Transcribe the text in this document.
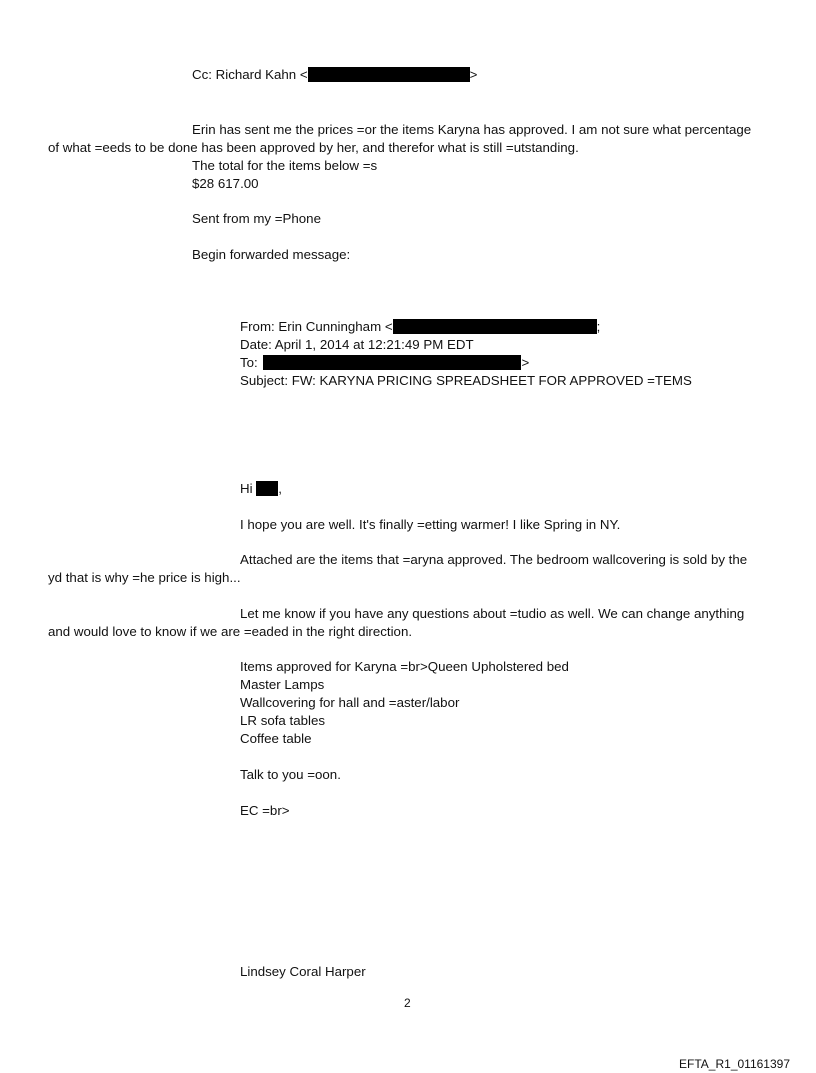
Cc: Richard Kahn <	>
Erin has sent me the prices =or the items Karyna has approved. I am not sure what percentage
of what =eeds to be done has been approved by her, and therefor what is still =utstanding.
The total for the items below =s
$28 617.00
Sent from my =Phone
Begin forwarded message:
From: Erin Cunningham <	;
Date: April 1, 2014 at 12:21:49 PM EDT
To:	>
Subject: FW: KARYNA PRICING SPREADSHEET FOR APPROVED =TEMS
Hi ,
I hope you are well. It's finally =etting warmer! I like Spring in NY.
Attached are the items that =aryna approved. The bedroom wallcovering is sold by the
yd that is why =he price is high...
Let me know if you have any questions about =tudio as well. We can change anything
and would love to know if we are =eaded in the right direction.
Items approved for Karyna =br>Queen Upholstered bed
Master Lamps
Wallcovering for hall and =aster/labor
LR sofa tables
Coffee table
Talk to you =oon.
EC =br>
Lindsey Coral Harper
2
EFTA_R1_01161397
